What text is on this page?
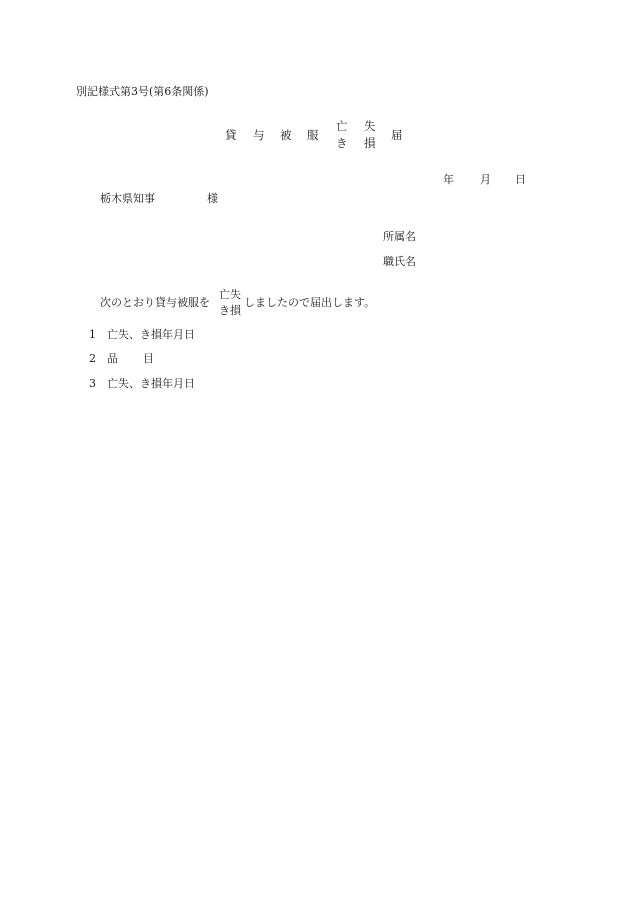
別記様式第3号(第6条関係)
貸 与 被 服
亡
き
失
損
届
年 月 日
栃木県知事	様
所属名
職氏名
次のとおり貸与被服を
亡失
き損
しましたので届出します。
1 亡失、き損年月日
2 品 目
3 亡失、き損年月日
